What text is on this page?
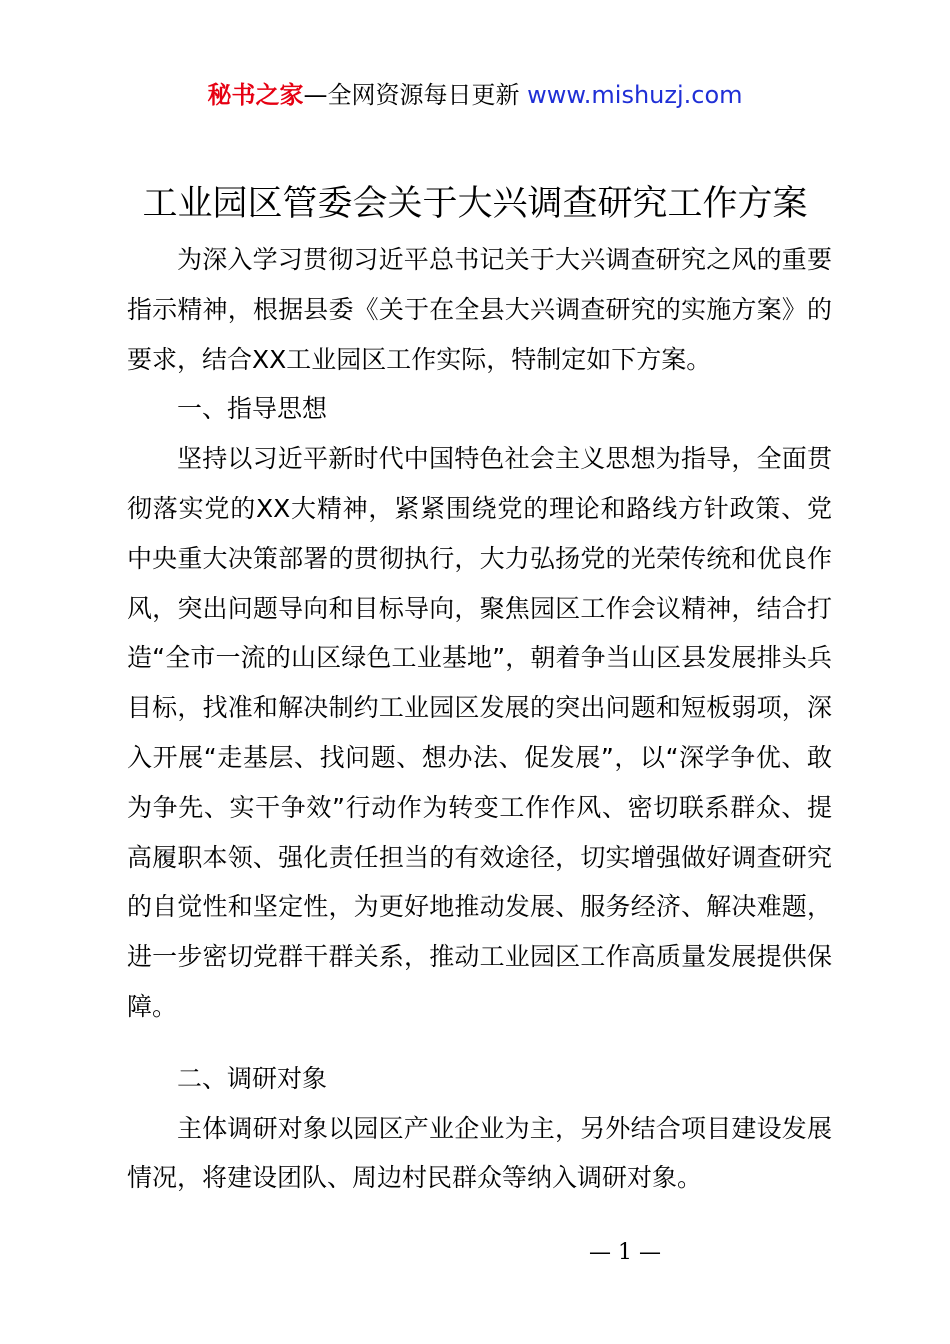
秘书之家—全网资源每日更新 www.mishuzj.com
工业园区管委会关于大兴调查研究工作方案

为深入学习贯彻习近平总书记关于大兴调查研究之风的重要指示精神，根据县委《关于在全县大兴调查研究的实施方案》的要求，结合XX工业园区工作实际，特制定如下方案。

一、指导思想

坚持以习近平新时代中国特色社会主义思想为指导，全面贯彻落实党的XX大精神，紧紧围绕党的理论和路线方针政策、党中央重大决策部署的贯彻执行，大力弘扬党的光荣传统和优良作风，突出问题导向和目标导向，聚焦园区工作会议精神，结合打造“全市一流的山区绿色工业基地”，朝着争当山区县发展排头兵目标，找准和解决制约工业园区发展的突出问题和短板弱项，深入开展“走基层、找问题、想办法、促发展”，以“深学争优、敢为争先、实干争效”行动作为转变工作作风、密切联系群众、提高履职本领、强化责任担当的有效途径，切实增强做好调查研究的自觉性和坚定性，为更好地推动发展、服务经济、解决难题，进一步密切党群干群关系，推动工业园区工作高质量发展提供保障。

二、调研对象

主体调研对象以园区产业企业为主，另外结合项目建设发展情况，将建设团队、周边村民群众等纳入调研对象。

— 1 —
